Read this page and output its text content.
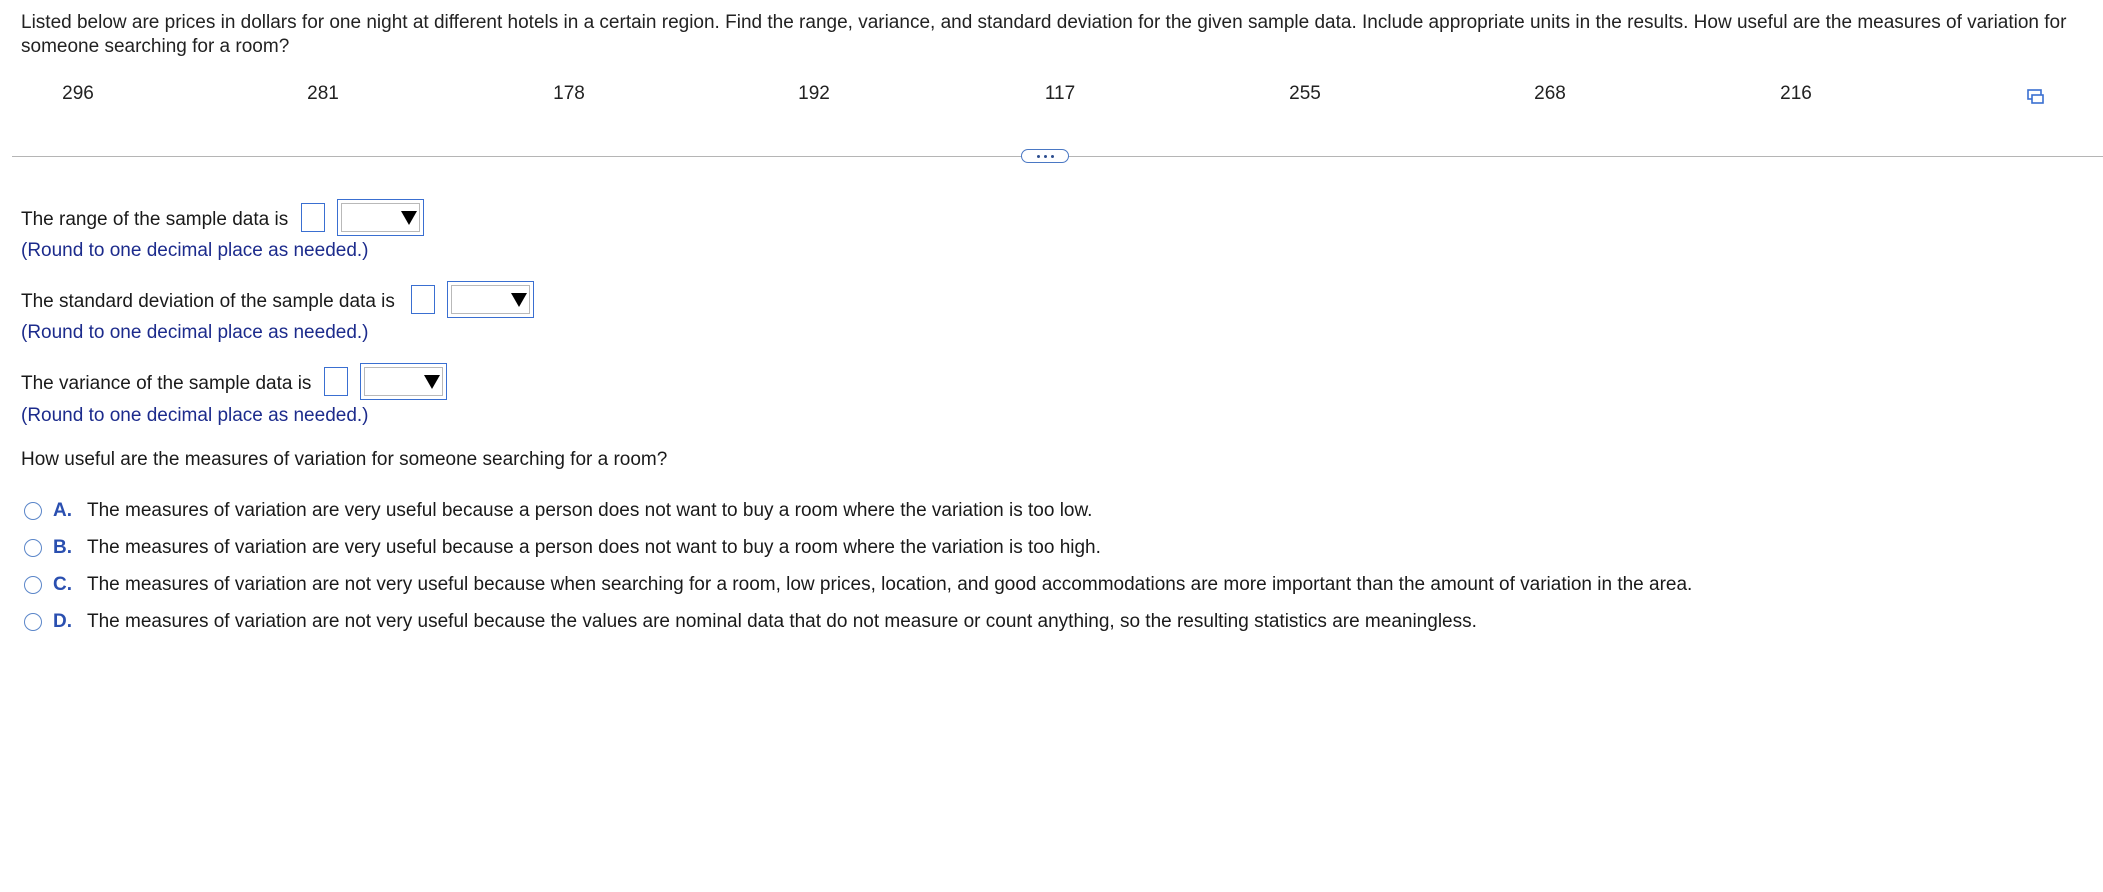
Listed below are prices in dollars for one night at different hotels in a certain region. Find the range, variance, and standard deviation for the given sample data. Include appropriate units in the results. How useful are the measures of variation for someone searching for a room?
296	281	178	192	117	255	268	216
The range of the sample data is
(Round to one decimal place as needed.)
The standard deviation of the sample data is
(Round to one decimal place as needed.)
The variance of the sample data is
(Round to one decimal place as needed.)
How useful are the measures of variation for someone searching for a room?
A. The measures of variation are very useful because a person does not want to buy a room where the variation is too low.
B. The measures of variation are very useful because a person does not want to buy a room where the variation is too high.
C. The measures of variation are not very useful because when searching for a room, low prices, location, and good accommodations are more important than the amount of variation in the area.
D. The measures of variation are not very useful because the values are nominal data that do not measure or count anything, so the resulting statistics are meaningless.
